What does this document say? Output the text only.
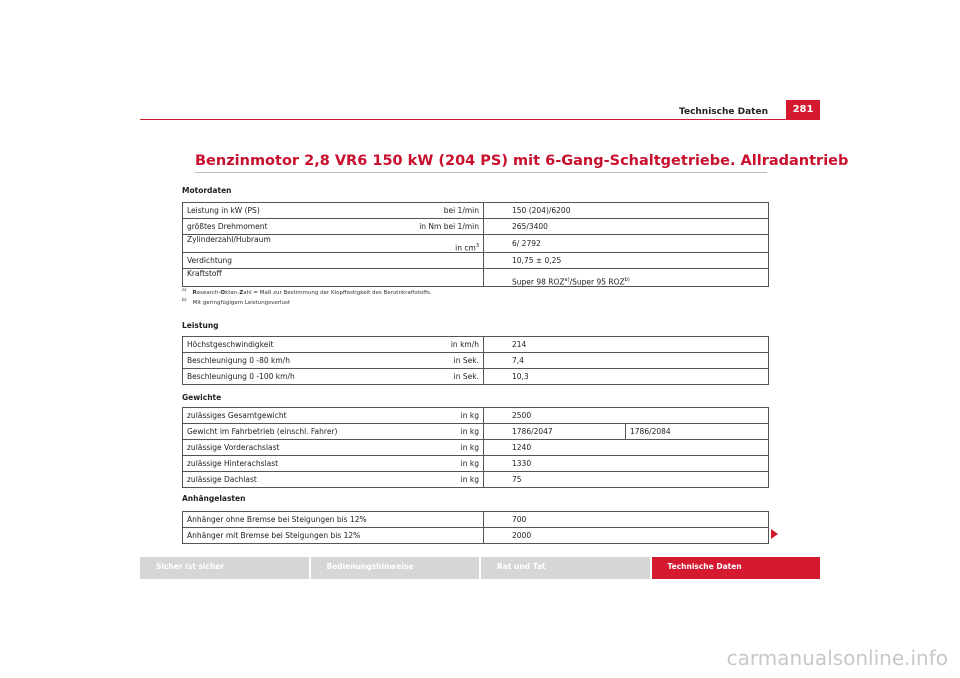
Technische Daten	281
Benzinmotor 2,8 VR6 150 kW (204 PS) mit 6-Gang-Schaltgetriebe. Allradantrieb
Motordaten
Leistung in kW (PS)	bei 1/min	150 (204)/6200
größtes Drehmoment	in Nm bei 1/min	265/3400
Zylinderzahl/Hubraum	in $cm^3$	6/ 2792
Verdichtung		10,75 ± 0,25
Kraftstoff		Super 98 ROZ$^{a)}$/Super 95 ROZ$^{b)}$
$^{a)}$ Research-Oktan-Zahl = Maß zur Bestimmung der Klopffestigkeit des Benzinkraftstoffs.
$^{b)}$ Mit geringfügigem Leistungsverlust
Leistung
Höchstgeschwindigkeit	in km/h	214
Beschleunigung 0 -80 km/h	in Sek.	7,4
Beschleunigung 0 -100 km/h	in Sek.	10,3
Gewichte
zulässiges Gesamtgewicht	in kg	2500	
Gewicht im Fahrbetrieb (einschl. Fahrer)	in kg	1786/2047	1786/2084
zulässige Vorderachslast	in kg	1240	
zulässige Hinterachslast	in kg	1330	
zulässige Dachlast	in kg	75	
Anhängelasten
Anhänger ohne Bremse bei Steigungen bis 12%	700
Anhänger mit Bremse bei Steigungen bis 12%	2000
Sicher ist sicher	Bedienungshinweise	Rat und Tat	Technische Daten
carmanualsonline.info
